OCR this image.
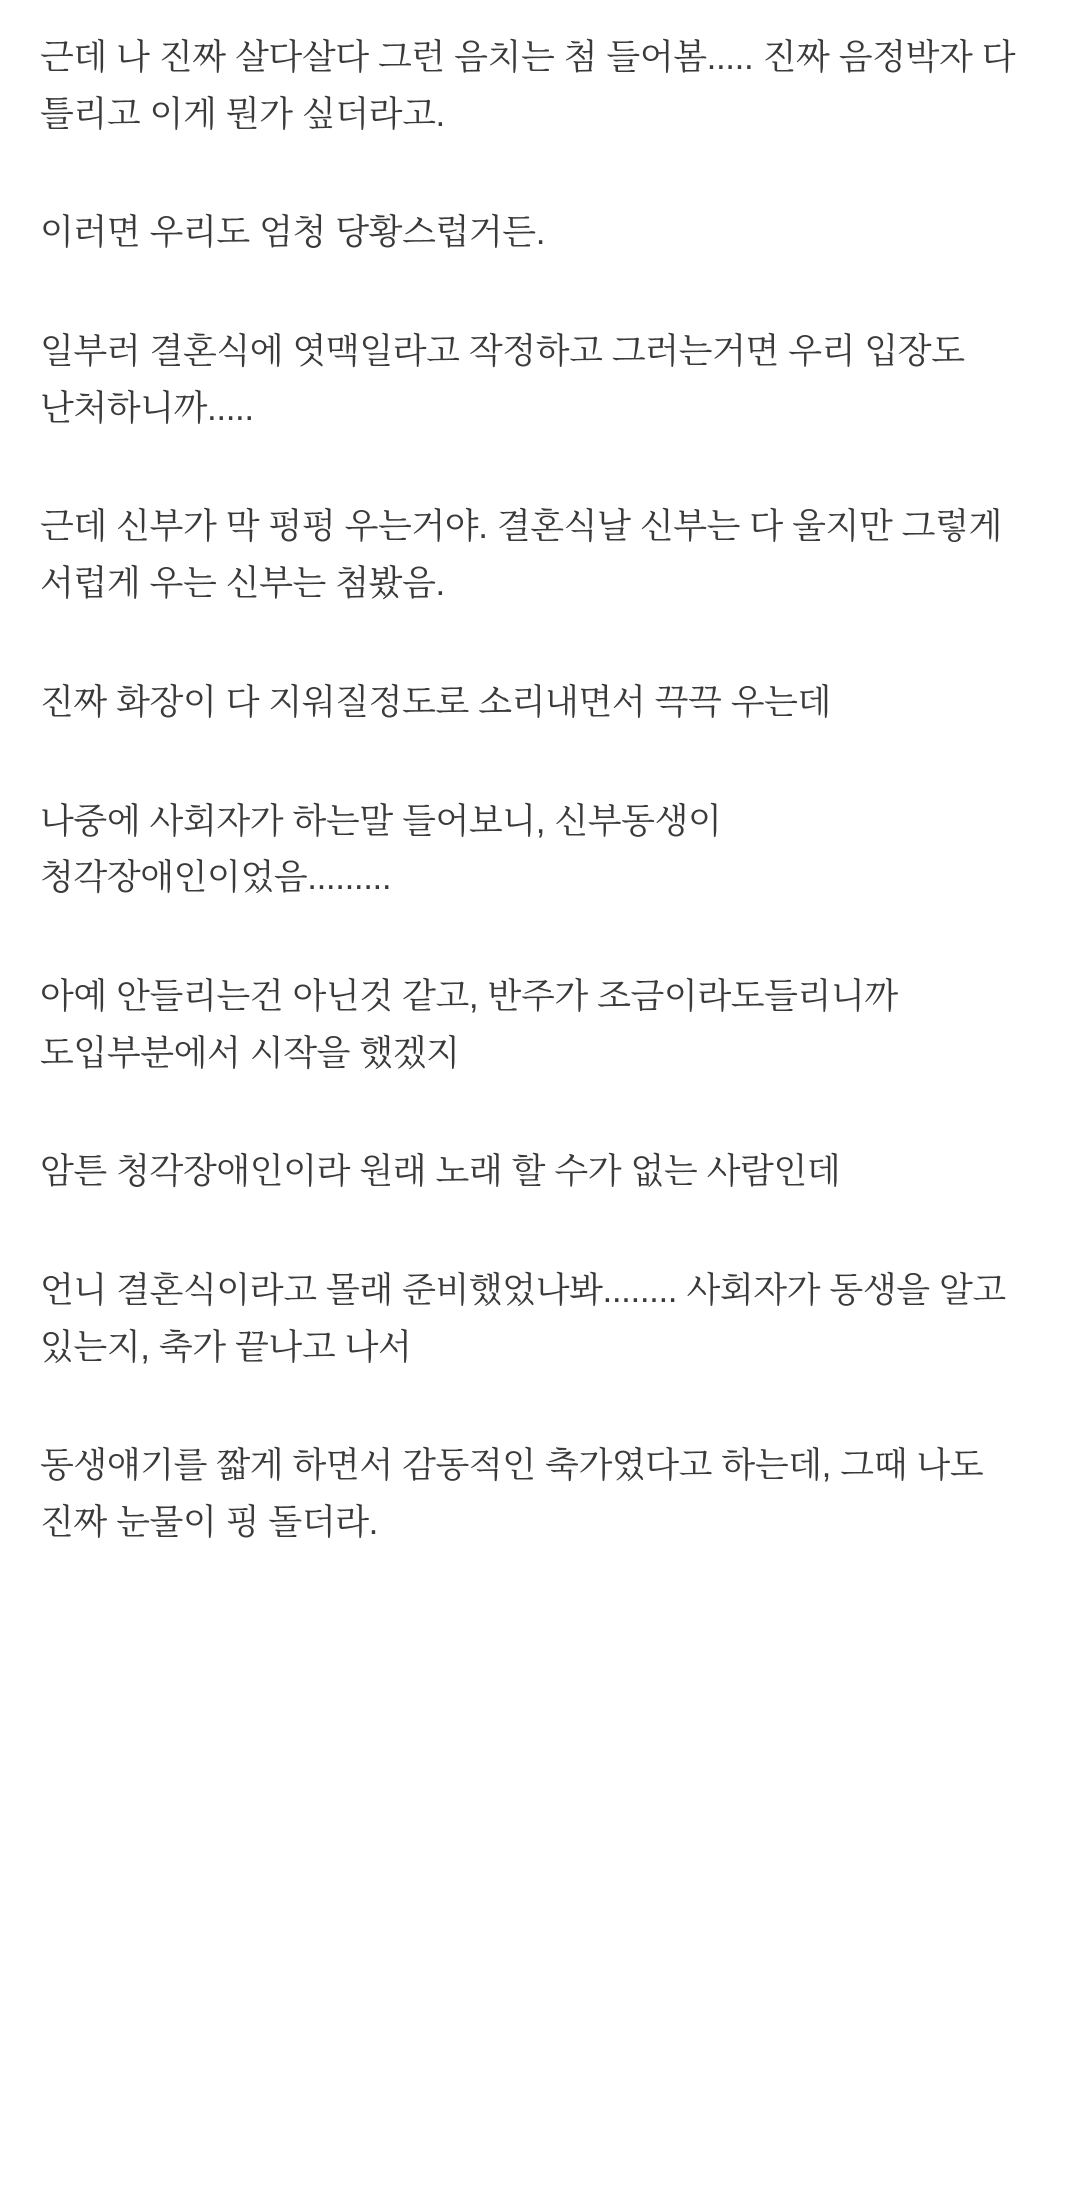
근데 나 진짜 살다살다 그런 음치는 첨 들어봄..... 진짜 음정박자 다 틀리고 이게 뭔가 싶더라고.

이러면 우리도 엄청 당황스럽거든.

일부러 결혼식에 엿맥일라고 작정하고 그러는거면 우리 입장도 난처하니까.....

근데 신부가 막 펑펑 우는거야. 결혼식날 신부는 다 울지만 그렇게 서럽게 우는 신부는 첨봤음.

진짜 화장이 다 지워질정도로 소리내면서 끅끅 우는데

나중에 사회자가 하는말 들어보니, 신부동생이 청각장애인이었음.........

아예 안들리는건 아닌것 같고, 반주가 조금이라도들리니까 도입부분에서 시작을 했겠지

암튼 청각장애인이라 원래 노래 할 수가 없는 사람인데

언니 결혼식이라고 몰래 준비했었나봐........ 사회자가 동생을 알고 있는지, 축가 끝나고 나서

동생얘기를 짧게 하면서 감동적인 축가였다고 하는데, 그때 나도 진짜 눈물이 핑 돌더라.
